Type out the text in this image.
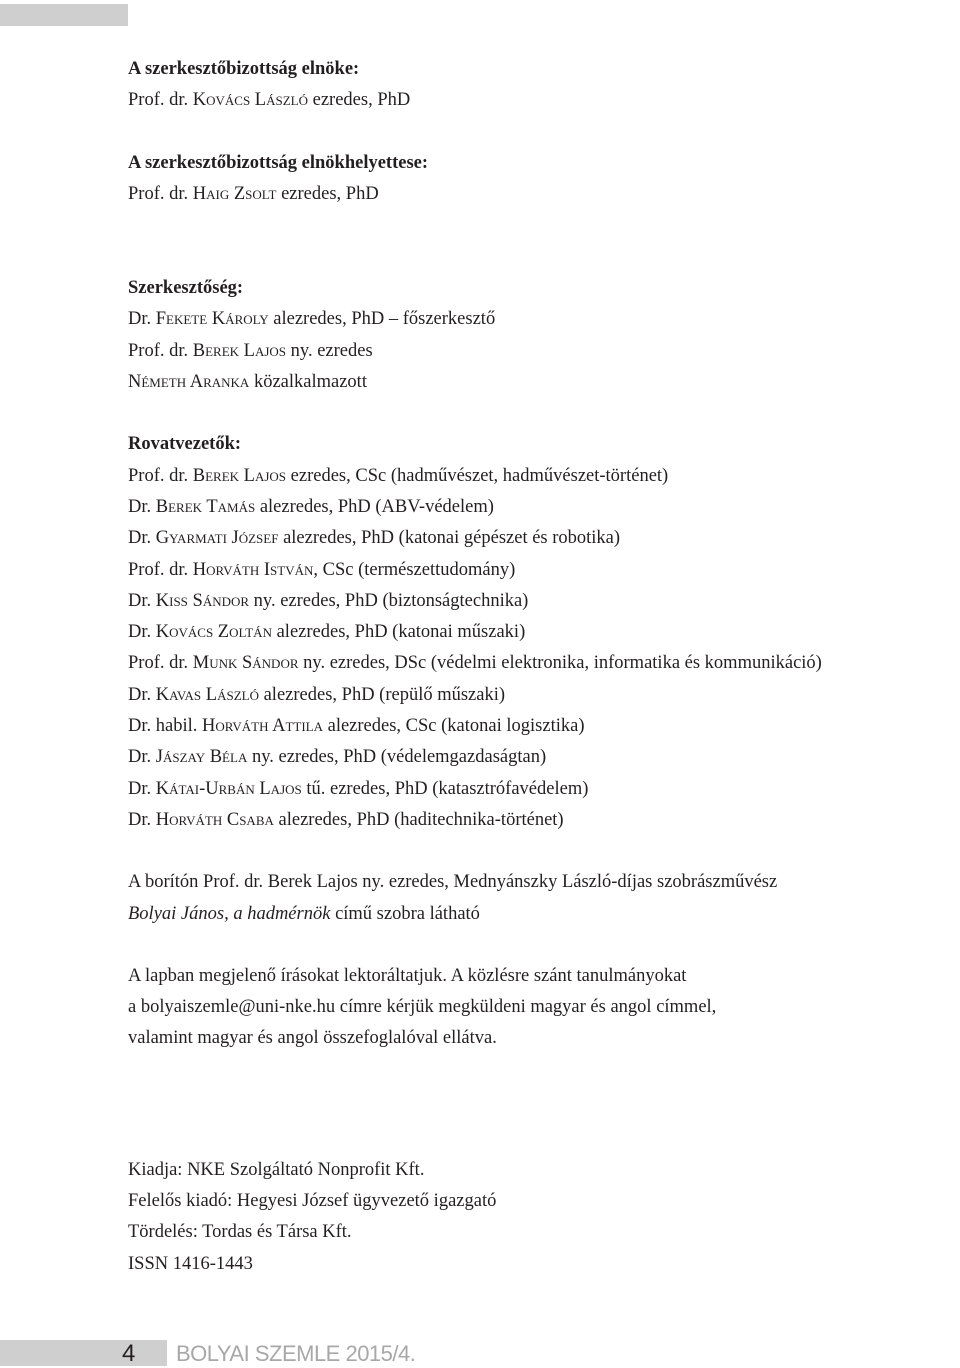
A szerkesztőbizottság elnöke:
Prof. dr. Kovács László ezredes, PhD
A szerkesztőbizottság elnökhelyettese:
Prof. dr. Haig Zsolt ezredes, PhD
Szerkesztőség:
Dr. Fekete Károly alezredes, PhD – főszerkesztő
Prof. dr. Berek Lajos ny. ezredes
Németh Aranka közalkalmazott
Rovatvezetők:
Prof. dr. Berek Lajos ezredes, CSc (hadművészet, hadművészet-történet)
Dr. Berek Tamás alezredes, PhD (ABV-védelem)
Dr. Gyarmati József alezredes, PhD (katonai gépészet és robotika)
Prof. dr. Horváth István, CSc (természettudomány)
Dr. Kiss Sándor ny. ezredes, PhD (biztonságtechnika)
Dr. Kovács Zoltán alezredes, PhD (katonai műszaki)
Prof. dr. Munk Sándor ny. ezredes, DSc (védelmi elektronika, informatika és kommunikáció)
Dr. Kavas László alezredes, PhD (repülő műszaki)
Dr. habil. Horváth Attila alezredes, CSc (katonai logisztika)
Dr. Jászay Béla ny. ezredes, PhD (védelemgazdaságtan)
Dr. Kátai-Urbán Lajos tű. ezredes, PhD (katasztrófavédelem)
Dr. Horváth Csaba alezredes, PhD (haditechnika-történet)
A borítón Prof. dr. Berek Lajos ny. ezredes, Mednyánszky László-díjas szobrászművész
Bolyai János, a hadmérnök című szobra látható
A lapban megjelenő írásokat lektoráltatjuk. A közlésre szánt tanulmányokat
a bolyaiszemle@uni-nke.hu címre kérjük megküldeni magyar és angol címmel,
valamint magyar és angol összefoglalóval ellátva.
Kiadja: NKE Szolgáltató Nonprofit Kft.
Felelős kiadó: Hegyesi József ügyvezető igazgató
Tördelés: Tordas és Társa Kft.
ISSN 1416-1443
4 BOLYAI SZEMLE 2015/4.
